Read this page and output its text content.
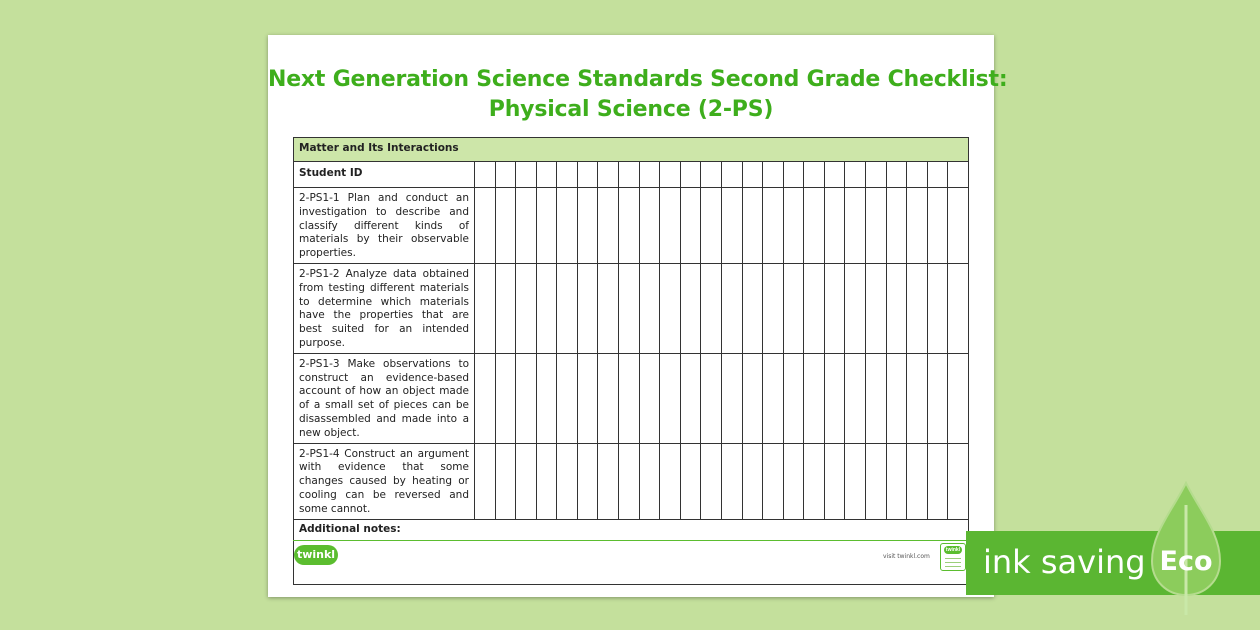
Next Generation Science Standards Second Grade Checklist:
Physical Science (2-PS)
Matter and Its Interactions																								
Student ID																								
2-PS1-1 Plan and conduct an investigation to describe and classify different kinds of materials by their observable properties.																								
2-PS1-2 Analyze data obtained from testing different materials to determine which materials have the properties that are best suited for an intended purpose.																								
2-PS1-3 Make observations to construct an evidence-based account of how an object made of a small set of pieces can be disassembled and made into a new object.																								
2-PS1-4 Construct an argument with evidence that some changes caused by heating or cooling can be reversed and some cannot.																								
Additional notes:																								
twinkl	visit twinkl.com
twinkl ink saving Eco
